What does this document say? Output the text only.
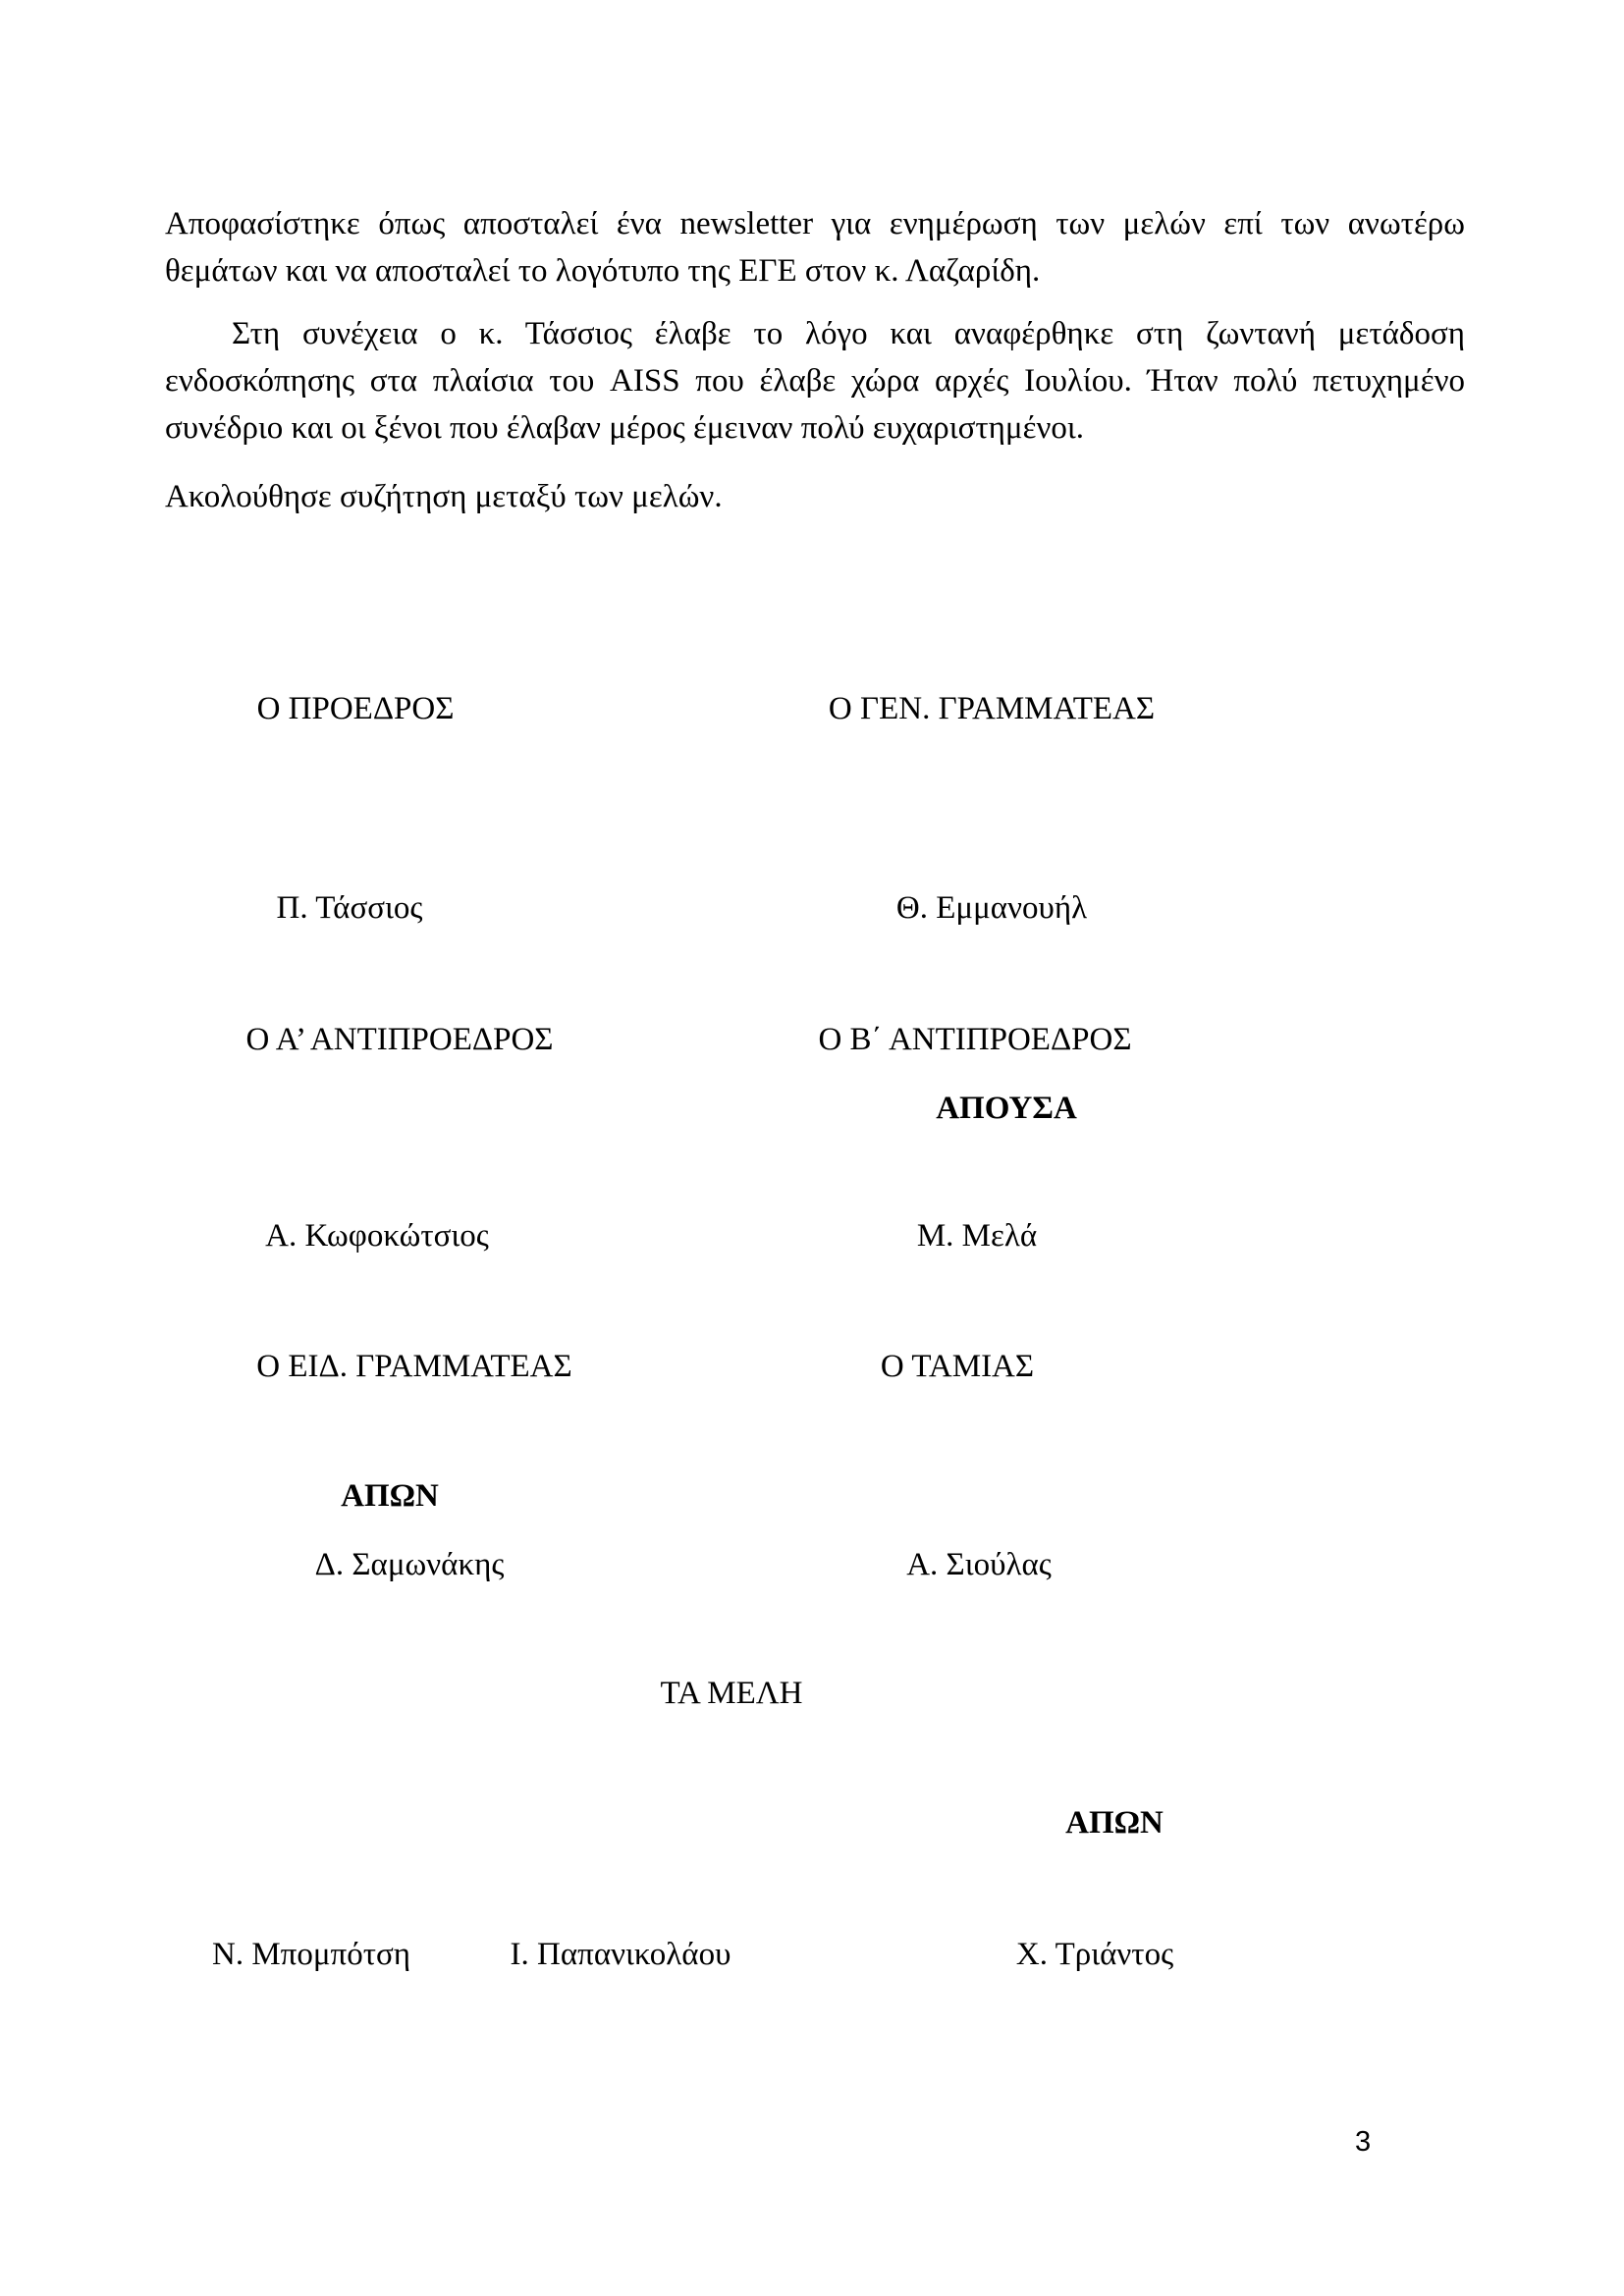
Αποφασίστηκε όπως αποσταλεί ένα newsletter για ενημέρωση των μελών επί των ανωτέρω θεμάτων και να αποσταλεί το λογότυπο της ΕΓΕ στον κ. Λαζαρίδη.

Στη συνέχεια ο κ. Τάσσιος έλαβε το λόγο και αναφέρθηκε στη ζωντανή μετάδοση ενδοσκόπησης στα πλαίσια του AISS που έλαβε χώρα αρχές Ιουλίου. Ήταν πολύ πετυχημένο συνέδριο και οι ξένοι που έλαβαν μέρος έμειναν πολύ ευχαριστημένοι.

Ακολούθησε συζήτηση μεταξύ των μελών.

Ο ΠΡΟΕΔΡΟΣ	Ο ΓΕΝ. ΓΡΑΜΜΑΤΕΑΣ
Π. Τάσσιος	Θ. Εμμανουήλ
Ο Α’ ΑΝΤΙΠΡΟΕΔΡΟΣ	Ο Β΄ ΑΝΤΙΠΡΟΕΔΡΟΣ
ΑΠΟΥΣΑ
Α. Κωφοκώτσιος	Μ. Μελά
Ο ΕΙΔ. ΓΡΑΜΜΑΤΕΑΣ	Ο ΤΑΜΙΑΣ
ΑΠΩΝ
Δ. Σαμωνάκης	Α. Σιούλας
ΤΑ ΜΕΛΗ
ΑΠΩΝ
Ν. Μπομπότση	Ι. Παπανικολάου	Χ. Τριάντος
3
